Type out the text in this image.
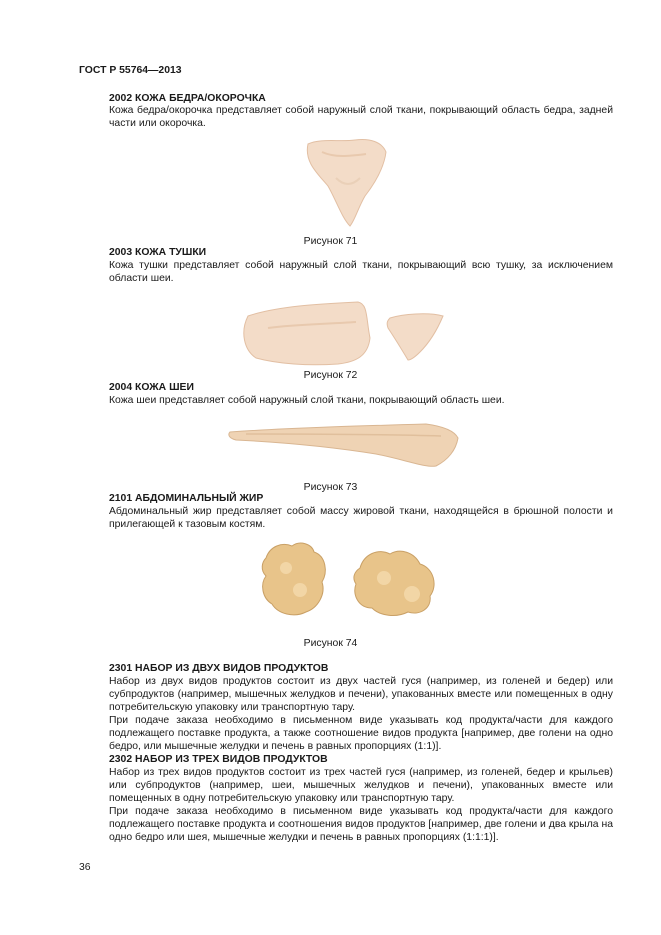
ГОСТ Р 55764—2013
2002 КОЖА БЕДРА/ОКОРОЧКА
Кожа бедра/окорочка представляет собой наружный слой ткани, покрывающий область бедра, задней части или окорочка.
Рисунок 71
2003 КОЖА ТУШКИ
Кожа тушки представляет собой наружный слой ткани, покрывающий всю тушку, за исключением области шеи.
Рисунок 72
2004 КОЖА ШЕИ
Кожа шеи представляет собой наружный слой ткани, покрывающий область шеи.
Рисунок 73
2101 АБДОМИНАЛЬНЫЙ ЖИР
Абдоминальный жир представляет собой массу жировой ткани, находящейся в брюшной полости и прилегающей к тазовым костям.
Рисунок 74
2301 НАБОР ИЗ ДВУХ ВИДОВ ПРОДУКТОВ
Набор из двух видов продуктов состоит из двух частей гуся (например, из голеней и бедер) или субпродуктов (например, мышечных желудков и печени), упакованных вместе или помещенных в одну потребительскую упаковку или транспортную тару.
При подаче заказа необходимо в письменном виде указывать код продукта/части для каждого подлежащего поставке продукта, а также соотношение видов продукта [например, две голени на одно бедро, или мышечные желудки и печень в равных пропорциях (1:1)].
2302 НАБОР ИЗ ТРЕХ ВИДОВ ПРОДУКТОВ
Набор из трех видов продуктов состоит из трех частей гуся (например, из голеней, бедер и крыльев) или субпродуктов (например, шеи, мышечных желудков и печени), упакованных вместе или помещенных в одну потребительскую упаковку или транспортную тару.
При подаче заказа необходимо в письменном виде указывать код продукта/части для каждого подлежащего поставке продукта и соотношения видов продуктов [например, две голени и два крыла на одно бедро или шея, мышечные желудки и печень в равных пропорциях (1:1:1)].
36
